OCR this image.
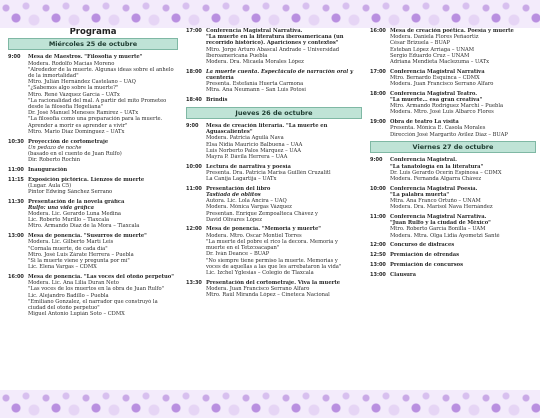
Programa
Miércoles 25 de octubre
9:00	Mesa de Maestros. "Filosofía y muerte"
Modera. Rodolfo Macías Moreno
"Alrededor de la muerte. Algunas ideas sobre el anhelo
de la inmortalidad"
Mtro. Julián Hernández Castelano – UAQ
"¿Sabemos algo sobre la muerte?"
Mtro. René Vázquez García – UATx
"La racionalidad del mal. A partir del mito Prometeo
desde la filosofía Hegeliana"
Dr. José Manuel Meneses Ramírez – UATx
"La filosofía como una preparación para la muerte.
Aprender a morir es aprender a vivir"
Mtro. Mario Díaz Domínguez – UATx
10:30 Proyección de cortometraje
Un pedazo de noche
(basado en el cuento de Juan Rulfo)
Dir. Roberto Rochín
11:00 Inauguración
11:15 Exposición pictórica. Lienzos de muerte
(Lugar. Aula C5)
Pintor Edwing Sánchez Serrano
11:30 Presentación de la novela gráfica
Rulfo: una vida gráfica
Modera. Lic. Gerardo Luna Medina
Lic. Roberto Murillo – Tlaxcala
Mtro. Armando Díaz de la Mora – Tlaxcala
13:00 Mesa de ponencia. "Susurros de muerte"
Modera. Lic. Gilberto Martí Leis
"Cornala muerte, de cada día"
Mtro. José Luis Zárate Herrera – Puebla
"Si la muerte viene y pregunta por mí"
Lic. Elena Vargas – CDMX
16:00 Mesa de ponencia. "Las voces del otoño perpetuo"
Modera. Lic. Ana Lilia Duran Neto
"Las voces de los muertos en la obra de Juan Rulfo"
Lic. Alejandro Badillo – Puebla
"Emiliano Gonzalez, el narrador que construyó la
ciudad del otoño perpetuo"
Miguel Antonio Lupián Soto – CDMX
17:00 Conferencia Magistral Narrativa.
"La muerte en la literatura iberoamericana (un
recorrido histórico). Apariciones y contextos"
Mtro. Jorge Arturo Abascal Andrade – Universidad
Iberoamericana Puebla
Modera. Dra. Micaela Morales López
18:00 La muerte cuenta. Espectáculo de narración oral y
cuentería
Presenta. Estefanía Huerta Carmona
Mtra. Ana Neumann – San Luis Potosí
18:40 Brindis
Jueves 26 de octubre
9:00	Mesa de creación literaria. "La muerte en
Aguascalientes"
Modera. Patricia Aguilá Nava
Elsa Nidia Mauricio Balbuena – UAA
Luis Norberto Palos Márquez – UAA
Mayra P. Dávila Herrera – UAA
10:00 Lectura de narrativa y poesía
Presenta. Dra. Patricia Marisa Guillén Cruzalitl
La Canija Lagartija – UATx
11:00 Presentación del libro
Tastiada de oblitos
Autora. Lic. Lola Ancira – UAQ
Modera. Mónica Vargas Vázquez
Presentan. Enrique Zempoaltecа Chávez y
David Olivares López
12:00 Mesa de ponencia. "Memoria y muerte"
Modera. Mtro. Oscar Montiel Torres
"La muerte del pobre el rico la decora. Memoria y
muerte en el Tetzcoacapan"
Dr. Iván Deance – BUAP
"No siempre tiene permiso la muerte. Memorias y
voces de aquellas a las que les arrebataron la vida"
Lic. Izchel Yglesias – Colegio de Tlaxcala
13:30 Presentación del cortometraje. Viva la muerte
Modera. Juan Francisco Serrano Alfaro
Mtro. Raúl Miranda López – Cineteca Nacional
16:00 Mesa de creación poética. Poesía y muerte
Modera. Daniela Flores Peñaortiz
César Brizuela – BUAP
Esteban López Arriaga – UNAM
Sergio Eduardo Cruz – UNAM
Adriana Mendieta Maclezuma – UATx
17:00 Conferencia Magistral Narrativa
Mtro. Bernardo Esquinca – CDMX
Modera. Juan Francisco Serrano Alfaro
18:00 Conferencia Magistral Teatro.
"La muerte… esa gran creativa"
Mtro. Armando Rodríguez Marchi – Puebla
Modera. Mtro. José Luis Albarco Flores
19:00 Obra de teatro La visita
Presenta. Mónica E. Casola Morales
Dirección José Margarito Avilez Díaz – BUAP
Viernes 27 de octubre
9:00	Conferencia Magistral.
"La tanatología en la literatura"
Dr. Luis Gerardo Ocerín Espinosa – CDMX
Modera. Fernanda Algarra Chávez
10:00 Conferencia Magistral Poesía.
"La palabra muerta"
Mtra. Ana Franco Ortuño – UNAM
Modera. Dra. Marisol Nava Hernández
11:00 Conferencia Magistral Narrativa.
"Juan Rulfo y la ciudad de México"
Mtro. Roberto García Bonilla – UAM
Modera. Mtra. Olga Lidia Ayometzi Santé
12:00 Concurso de disfraces
12:50 Premiación de ofrendas
13:00 Premiación de concursos
13:00 Clausura
